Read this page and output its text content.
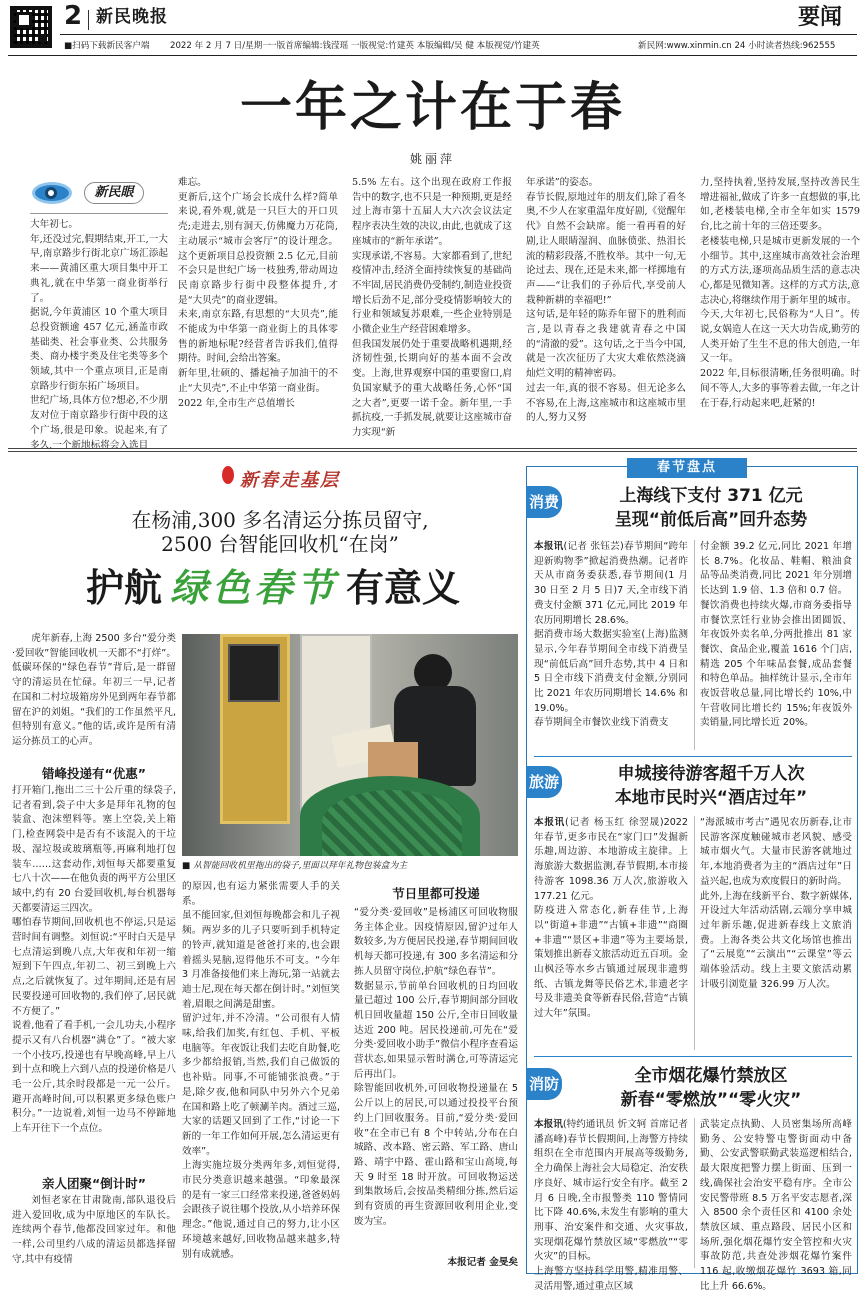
2 新民晚报	要闻
■扫码下载新民客户端 2022 年 2 月 7 日/星期一
一版首席编辑:钱滢瑶 一版视觉:竹建英 本版编辑/吴 健 本版视觉/竹建英	新民网:www.xinmin.cn 24 小时读者热线:962555
一年之计在于春
姚丽萍
新民眼
大年初七。
年,还没过完,假期结束,开工,一大早,南京路步行街北京广场汇添起来——黄浦区重大项目集中开工典礼,就在中华第一商业街举行了。
据说,今年黄浦区 10 个重大项目总投资额逾 457 亿元,涵盖市政基础类、社会事业类、公共服务类、商办楼宇类及住宅类等多个领域,其中一个重点项目,正是南京路步行街东拓广场项目。
世纪广场,具体方位?想必,不少朋友对位于南京路步行街中段的这个广场,很是印象。说起来,有了多久,一个新地标将会入选目
难忘。
更新后,这个广场会长成什么样?简单来说,看外观,就是一只巨大的开口贝壳;走进去,别有洞天,仿佛魔力万花筒,主动展示“城市会客厅”的设计理念。这个更新项目总投资额 2.5 亿元,目前不会只是世纪广场一枝独秀,带动周边民南京路步行街中段整体提升,才是“大贝壳”的商业逻辑。
未来,南京东路,有思想的“大贝壳”,能不能成为中华第一商业街上的具体零售的新地标呢?经营者告诉我们,值得期待。时间,会给出答案。
新年里,壮硕的、播起袖子加油干的不止“大贝壳”,不止中华第一商业街。
2022 年,全市生产总值增长
5.5% 左右。这个出现在政府工作报告中的数字,也不只是一种预期,更是经过上海市第十五届人大六次会议法定程序表决生效的决议,由此,也就成了这座城市的“新年承诺”。
实现承诺,不容易。大家都看到了,世纪疫情冲击,经济全面持续恢复的基础尚不牢固,居民消费仍受制约,制造业投资增长后劲不足,部分受疫情影响较大的行业和领域复苏艰难,一些企业特别是小微企业生产经营困难增多。
但我国发展仍处于重要战略机遇期,经济韧性强,长期向好的基本面不会改变。上海,世界观察中国的重要窗口,肩负国家赋予的重大战略任务,心怀“国之大者”,更要一诺千金。新年里,一手抓抗疫,一手抓发展,就要让这座城市奋力实现“新
年承诺”的姿态。
春节长假,原地过年的朋友们,除了看冬奥,不少人在家重温年度好剧,《觉醒年代》自然不会缺席。能一看再看的好剧,让人眼睛湿润、血脉偾张、热泪长流的精彩段落,不胜枚举。其中一句,无论过去、现在,还是未来,都一样掷地有声——“让我们的子孙后代,享受前人栽种新耕的幸福吧!”
这句话,是年轻的陈乔年留下的胜利而言,是以青春之我建就青春之中国的“清澈的爱”。这句话,之于当今中国,就是一次次征历了大灾大难依然浇滴灿烂文明的精神密码。
过去一年,真的很不容易。但无论多么不容易,在上海,这座城市和这座城市里的人,努力又努
力,坚持执着,坚持发展,坚持改善民生增进福祉,做成了许多一直想做的事,比如,老楼装电梯,全市全年如实 1579 台,比之前十年的三倍还要多。
老楼装电梯,只是城市更新发展的一个小细节。其中,这座城市高效社会治理的方式方法,逐项高品质生活的意志决心,都是见微知著。这样的方式方法,意志决心,将继续作用于新年里的城市。
今天,大年初七,民俗称为“人日”。传说,女娲造人在这一天大功告成,勤劳的人类开始了生生不息的伟大创造,一年又一年。
2022 年,目标很清晰,任务很明确。时间不等人,大多的事等着去做,一年之计在于春,行动起来吧,赶紧的!
新春走基层
在杨浦,300 多名清运分拣员留守,
2500 台智能回收机“在岗”
护航 绿色春节 有意义
虎年新春,上海 2500 多台“爱分类·爱回收”智能回收机一天都不“打烊”。低碳环保的“绿色春节”背后,是一群留守的清运员在忙碌。年初三一早,记者在国和二村垃圾箱房外见到两年春节都留在沪的刘姐。“我们的工作虽然平凡,但特别有意义。”他的话,或许是所有清运分拣员工的心声。
错峰投递有“优惠”
打开箱门,拖出二三十公斤重的绿袋子,记者看到,袋子中大多是拜年礼物的包装盒、泡沫塑料等。塞上空袋,关上箱门,检查网袋中是否有不该混入的干垃圾、湿垃圾或玻璃瓶等,再麻利地打包装车……这套动作,刘恒每天都要重复七八十次——在他负责的两平方公里区域中,约有 20 台爱回收机,每台机器每天都要清运三四次。
哪怕春节期间,回收机也不停运,只是运营时间有调整。刘恒说:“平时白天是早七点清运到晚八点,大年夜和年初一缩短到下午四点,年初二、初三到晚上六点,之后就恢复了。过年期间,还是有居民要投递可回收物的,我们停了,居民就不方便了。”
说着,他看了看手机,一会儿功夫,小程序提示又有八台机器“满仓”了。“被大家一个小技巧,投递也有早晚高峰,早上八到十点和晚上六到八点的投递价格是八毛一公斤,其余时段都是一元一公斤。避开高峰时间,可以积累更多绿色账户积分。”一边说着,刘恒一边马不停蹄地上车开往下一个点位。
亲人团聚“倒计时”
刘恒老家在甘肃陇南,部队退役后进入爱回收,成为中原地区的车队长。连续两个春节,他都没回家过年。和他一样,公司里约八成的清运员都选择留守,其中有疫情
■ 从智能回收机里拖出的袋子,里面以拜年礼物包装盒为主
的原因,也有运力紧张需要人手的关系。
虽不能回家,但刘恒每晚都会和儿子视频。两岁多的儿子只要听到手机特定的铃声,就知道是爸爸打来的,也会跟着摇头晃脑,逗得他乐不可支。“今年 3 月准备接他们来上海玩,第一站就去迪士尼,现在每天都在倒计时。”刘恒笑着,眉眼之间满是甜蜜。
留沪过年,并不冷清。“公司很有人情味,给我们加奖,有红包、手机、平板电脑等。年夜饭让我们去吃自助餐,吃多少都给报销,当然,我们自己做饭的也补贴。同事,不可能铺张浪费。”于是,除夕夜,他和同队中另外六个兄弟在国和路上吃了顿涮羊肉。酒过三巡,大家的话题又回到了工作,“讨论一下新的一年工作如何开展,怎么清运更有效率”。
上海实施垃圾分类两年多,刘恒觉得,市民分类意识越来越强。“印象最深的是有一家三口经常来投递,爸爸妈妈会跟孩子说往哪个投放,从小培养环保理念。”他说,通过自己的努力,让小区环境越来越好,回收物品越来越多,特别有成就感。
节日里都可投递
“爱分类·爱回收”是杨浦区可回收物服务主体企业。因疫情原因,留沪过年人数较多,为方便居民投递,春节期间回收机每天都可投递,有 300 多名清运和分拣人员留守岗位,护航“绿色春节”。
数据显示,节前单台回收机的日均回收量已超过 100 公斤,春节期间部分回收机日回收量超 150 公斤,全市日回收量达近 200 吨。居民投递前,可先在“爱分类·爱回收小助手”微信小程序查看运营状态,如果显示暂时满仓,可等清运完后再出门。
除智能回收机外,可回收物投递量在 5 公斤以上的居民,可以通过投投平台预约上门回收服务。目前,“爱分类·爱回收”在全市已有 8 个中转站,分布在白城路、改本路、密云路、军工路、唐山路、靖宇中路、霍山路和宝山高境,每天 9 时至 18 时开放。可回收物运送到集散场后,会按品类精细分拣,然后运到有资质的再生资源回收利用企业,变废为宝。
本报记者 金旻矣
春节盘点
消费	上海线下支付 371 亿元
呈现“前低后高”回升态势
本报讯(记者 张钰芸)春节期间“跨年迎新购物季”掀起消费热潮。记者昨天从市商务委获悉,春节期间(1 月 30 日至 2 月 5 日)7 天,全市线下消费支付金额 371 亿元,同比 2019 年农历同期增长 28.6%。
据消费市场大数据实验室(上海)监测显示,今年春节期间全市线下消费呈现“前低后高”回升态势,其中 4 日和 5 日全市线下消费支付金额,分别同比 2021 年农历同期增长 14.6% 和 19.0%。
春节期间全市餐饮业线下消费支
付金额 39.2 亿元,同比 2021 年增长 8.7%。化妆品、鞋帽、粮油食品等品类消费,同比 2021 年分别增长达到 1.9 倍、1.3 倍和 0.7 倍。
餐饮消费也持续火爆,市商务委指导市餐饮烹饪行业协会推出团圆饭、年夜饭外卖名单,分两批推出 81 家餐饮、食品企业,覆盖 1616 个门店,精选 205 个年味品套餐,成品套餐和特色单品。抽样统计显示,全市年夜饭营收总量,同比增长约 10%,中午营收同比增长约 15%;年夜饭外卖销量,同比增长近 20%。
旅游	申城接待游客超千万人次
本地市民时兴“酒店过年”
本报讯(记者 杨玉红 徐翌晟)2022 年春节,更多市民在“家门口”发掘新乐趣,周边游、本地游成主旋律。上海旅游大数据监测,春节假期,本市接待游客 1098.36 万人次,旅游收入 177.21 亿元。
防疫进入常态化,新春佳节,上海以“街道+非遗”“古镇+非遗”“商圈+非遗”“景区+非遗”等为主要场景,策划推出新春文旅活动近五百项。金山枫泾等水乡古镇通过展现非遗剪纸、古镇龙舞等民俗艺术,非遗老字号及非遗美食等新春民俗,营造“古镇过大年”氛围。
“海派城市考古”遇见农历新春,让市民游客深度触碰城市老风貌、感受城市烟火气。大量市民游客就地过年,本地消费者为主的“酒店过年”日益兴起,也成为欢度假日的新时尚。
此外,上海在线新平台、数字新媒体,开设过大年活动活剧,云端分享申城过年新乐趣,促进新春线上文旅消费。上海各类公共文化场馆也推出了“云展览”“云演出”“云课堂”等云端体验活动。线上主要文旅活动累计吸引浏览量 326.99 万人次。
消防	全市烟花爆竹禁放区
新春“零燃放”“零火灾”
本报讯(特约通讯员 忻文轲 首席记者 潘高峰)春节长假期间,上海警方持续组织在全市范围内开展高等级勤务,全力确保上海社会大局稳定、治安秩序良好、城市运行安全有序。截至 2 月 6 日晚,全市报警类 110 警情同比下降 40.6%,未发生有影响的重大刑事、治安案件和交通、火灾事故,实现烟花爆竹禁放区域“零燃放”“零火灾”的目标。
上海警方坚持科学用警,精准用警、灵活用警,通过重点区域
武装定点执勤、人员密集场所高峰勤务、公安特警屯警街面动中备勤、公安武警联勤武装巡逻相结合,最大限度把警力摆上街面、压到一线,确保社会治安平稳有序。全市公安民警带班 8.5 万名平安志愿者,深入 8500 余个责任区和 4100 余处禁放区域、重点路段、居民小区和场所,强化烟花爆竹安全管控和火灾事故防范,共查处涉烟花爆竹案件 116 起,收缴烟花爆竹 3693 箱,同比上升 66.6%。
